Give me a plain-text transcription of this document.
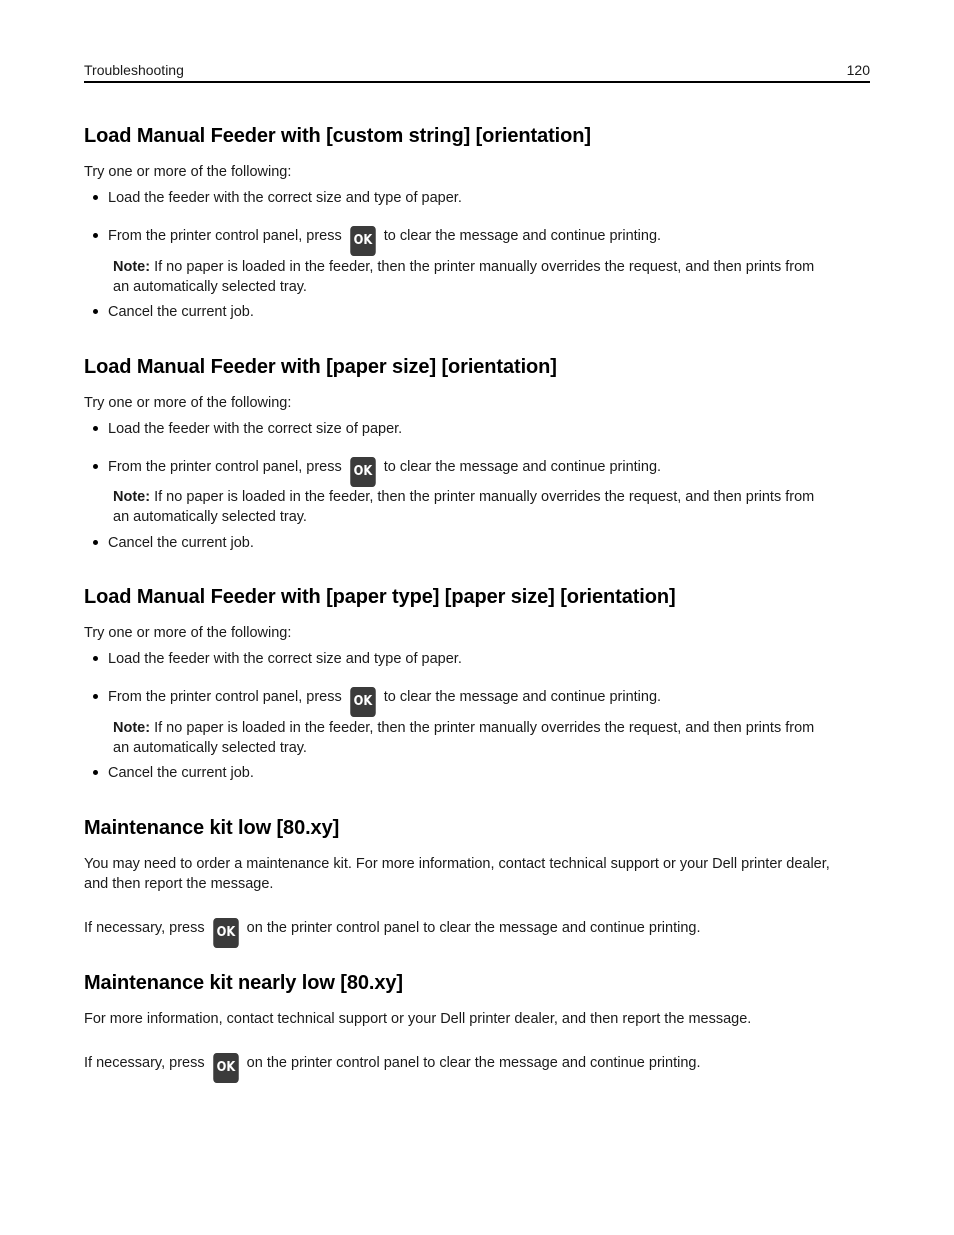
Troubleshooting	120
Load Manual Feeder with [custom string] [orientation]
Try one or more of the following:
Load the feeder with the correct size and type of paper.
From the printer control panel, press OK to clear the message and continue printing.
Note: If no paper is loaded in the feeder, then the printer manually overrides the request, and then prints from
an automatically selected tray.
Cancel the current job.
Load Manual Feeder with [paper size] [orientation]
Try one or more of the following:
Load the feeder with the correct size of paper.
From the printer control panel, press OK to clear the message and continue printing.
Note: If no paper is loaded in the feeder, then the printer manually overrides the request, and then prints from
an automatically selected tray.
Cancel the current job.
Load Manual Feeder with [paper type] [paper size] [orientation]
Try one or more of the following:
Load the feeder with the correct size and type of paper.
From the printer control panel, press OK to clear the message and continue printing.
Note: If no paper is loaded in the feeder, then the printer manually overrides the request, and then prints from
an automatically selected tray.
Cancel the current job.
Maintenance kit low [80.xy]
You may need to order a maintenance kit. For more information, contact technical support or your Dell printer dealer,
and then report the message.
If necessary, press OK on the printer control panel to clear the message and continue printing.
Maintenance kit nearly low [80.xy]
For more information, contact technical support or your Dell printer dealer, and then report the message.
If necessary, press OK on the printer control panel to clear the message and continue printing.
